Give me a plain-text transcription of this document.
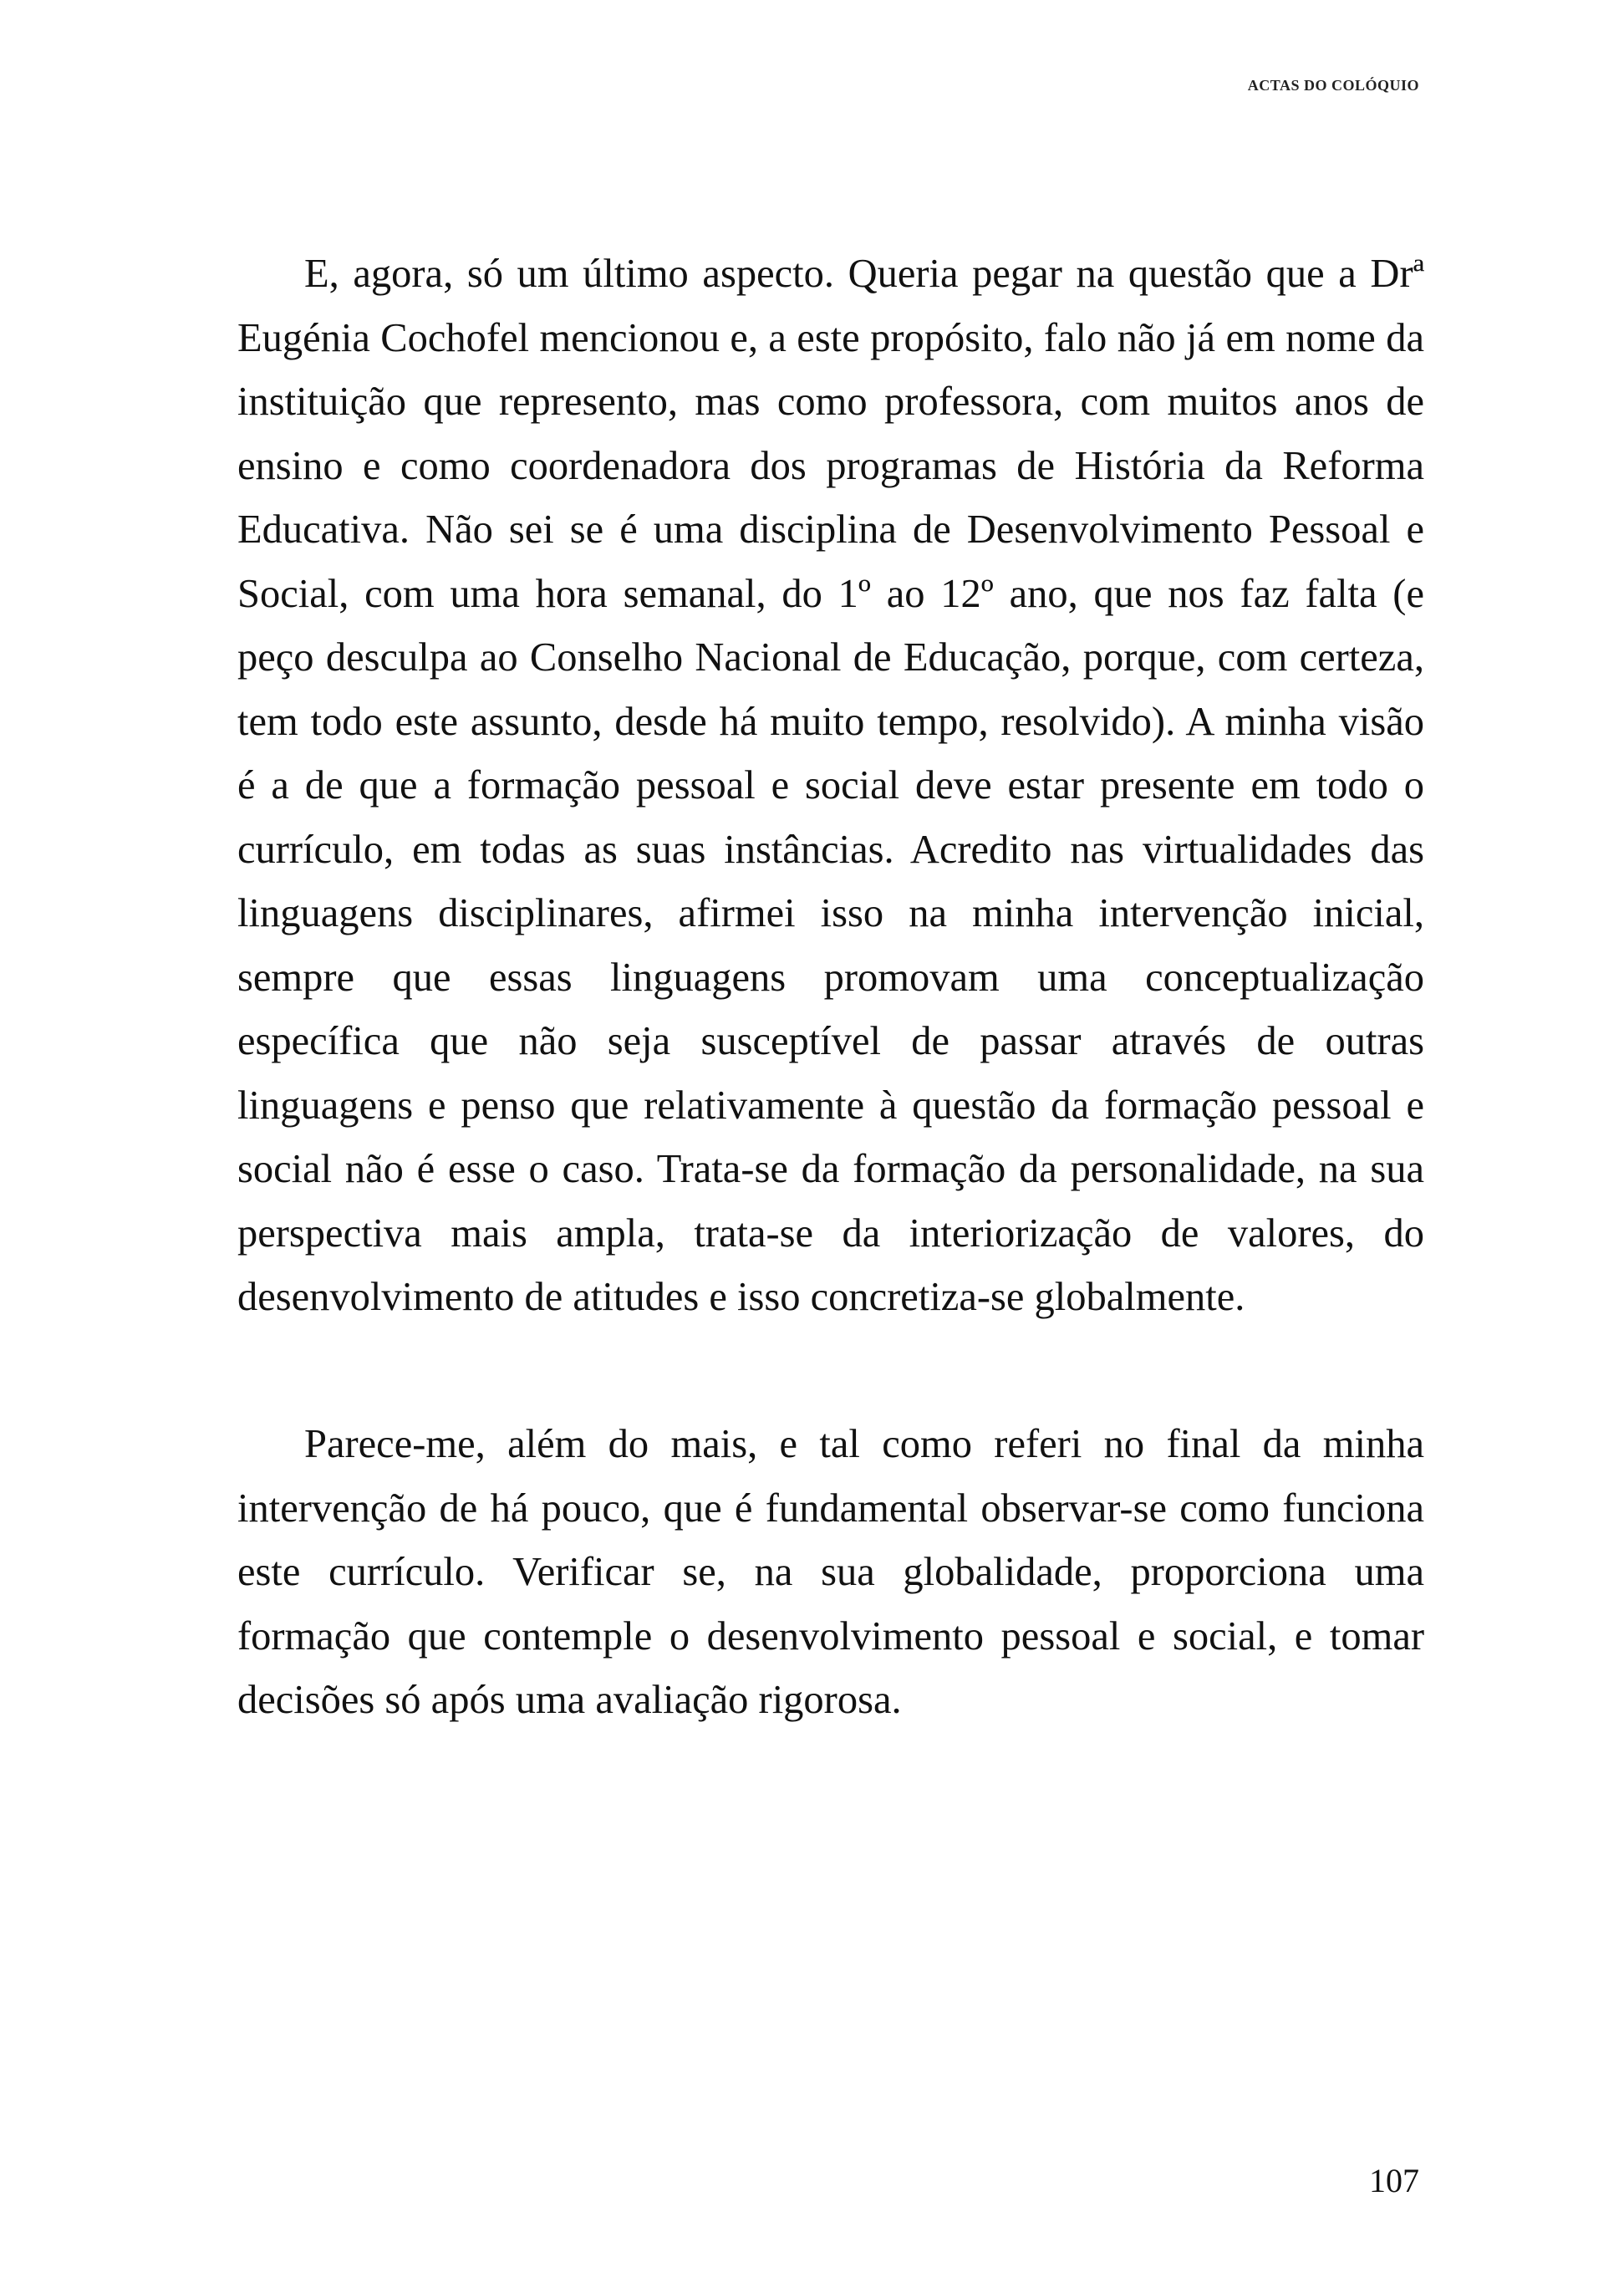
ACTAS DO COLÓQUIO

E, agora, só um último aspecto. Queria pegar na questão que a Drª Eugénia Cochofel mencionou e, a este propósito, falo não já em nome da instituição que represento, mas como professora, com muitos anos de ensino e como coordenadora dos programas de História da Reforma Educativa. Não sei se é uma disciplina de Desenvolvimento Pessoal e Social, com uma hora semanal, do 1º ao 12º ano, que nos faz falta (e peço desculpa ao Conselho Nacional de Educação, porque, com certeza, tem todo este assunto, desde há muito tempo, resolvido). A minha visão é a de que a formação pessoal e social deve estar presente em todo o currículo, em todas as suas instâncias. Acredito nas virtualidades das linguagens disciplinares, afirmei isso na minha intervenção inicial, sempre que essas linguagens promovam uma conceptualização específica que não seja susceptível de passar através de outras linguagens e penso que relativamente à questão da formação pessoal e social não é esse o caso. Trata-se da formação da personalidade, na sua perspectiva mais ampla, trata-se da interiorização de valores, do desenvolvimento de atitudes e isso concretiza-se globalmente.

Parece-me, além do mais, e tal como referi no final da minha intervenção de há pouco, que é fundamental observar-se como funciona este currículo. Verificar se, na sua globalidade, proporciona uma formação que contemple o desenvolvimento pessoal e social, e tomar decisões só após uma avaliação rigorosa.

107
